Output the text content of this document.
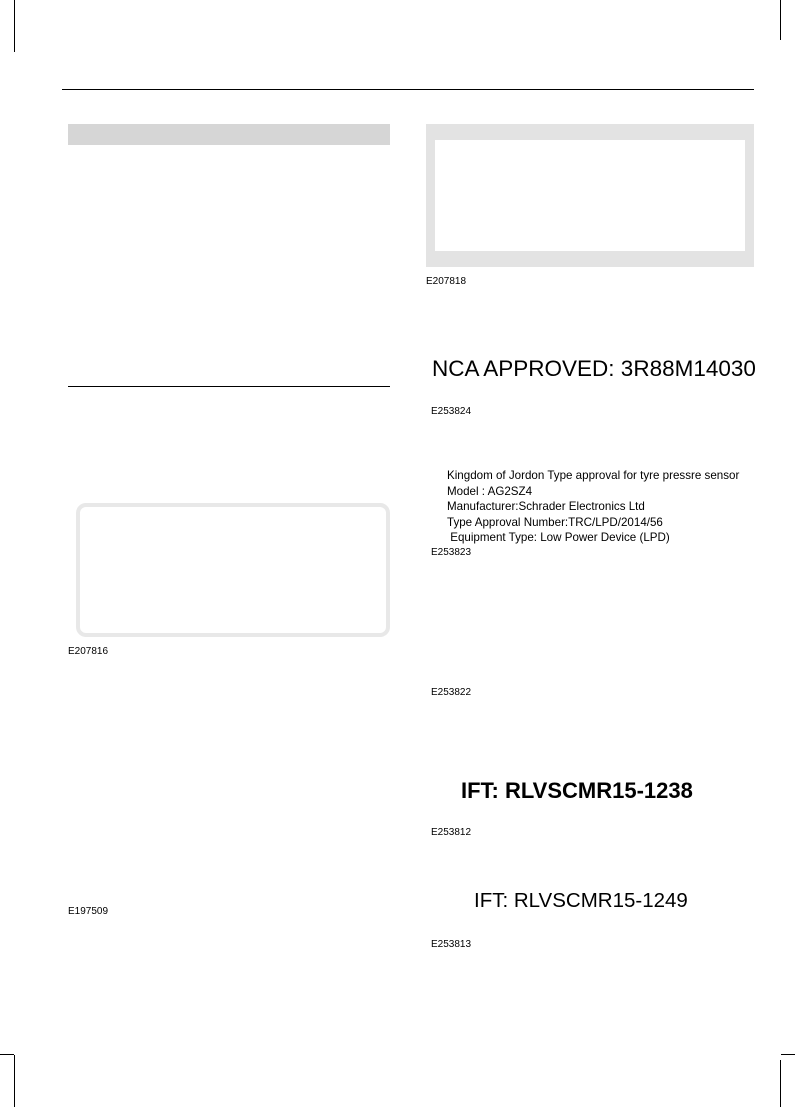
E207816
E197509
E207818
NCA APPROVED: 3R88M14030
E253824
Kingdom of Jordon Type approval for tyre pressre sensor
Model : AG2SZ4
Manufacturer:Schrader Electronics Ltd
Type Approval Number:TRC/LPD/2014/56
Equipment Type: Low Power Device (LPD)
E253823
E253822
IFT: RLVSCMR15-1238
E253812
IFT: RLVSCMR15-1249
E253813
